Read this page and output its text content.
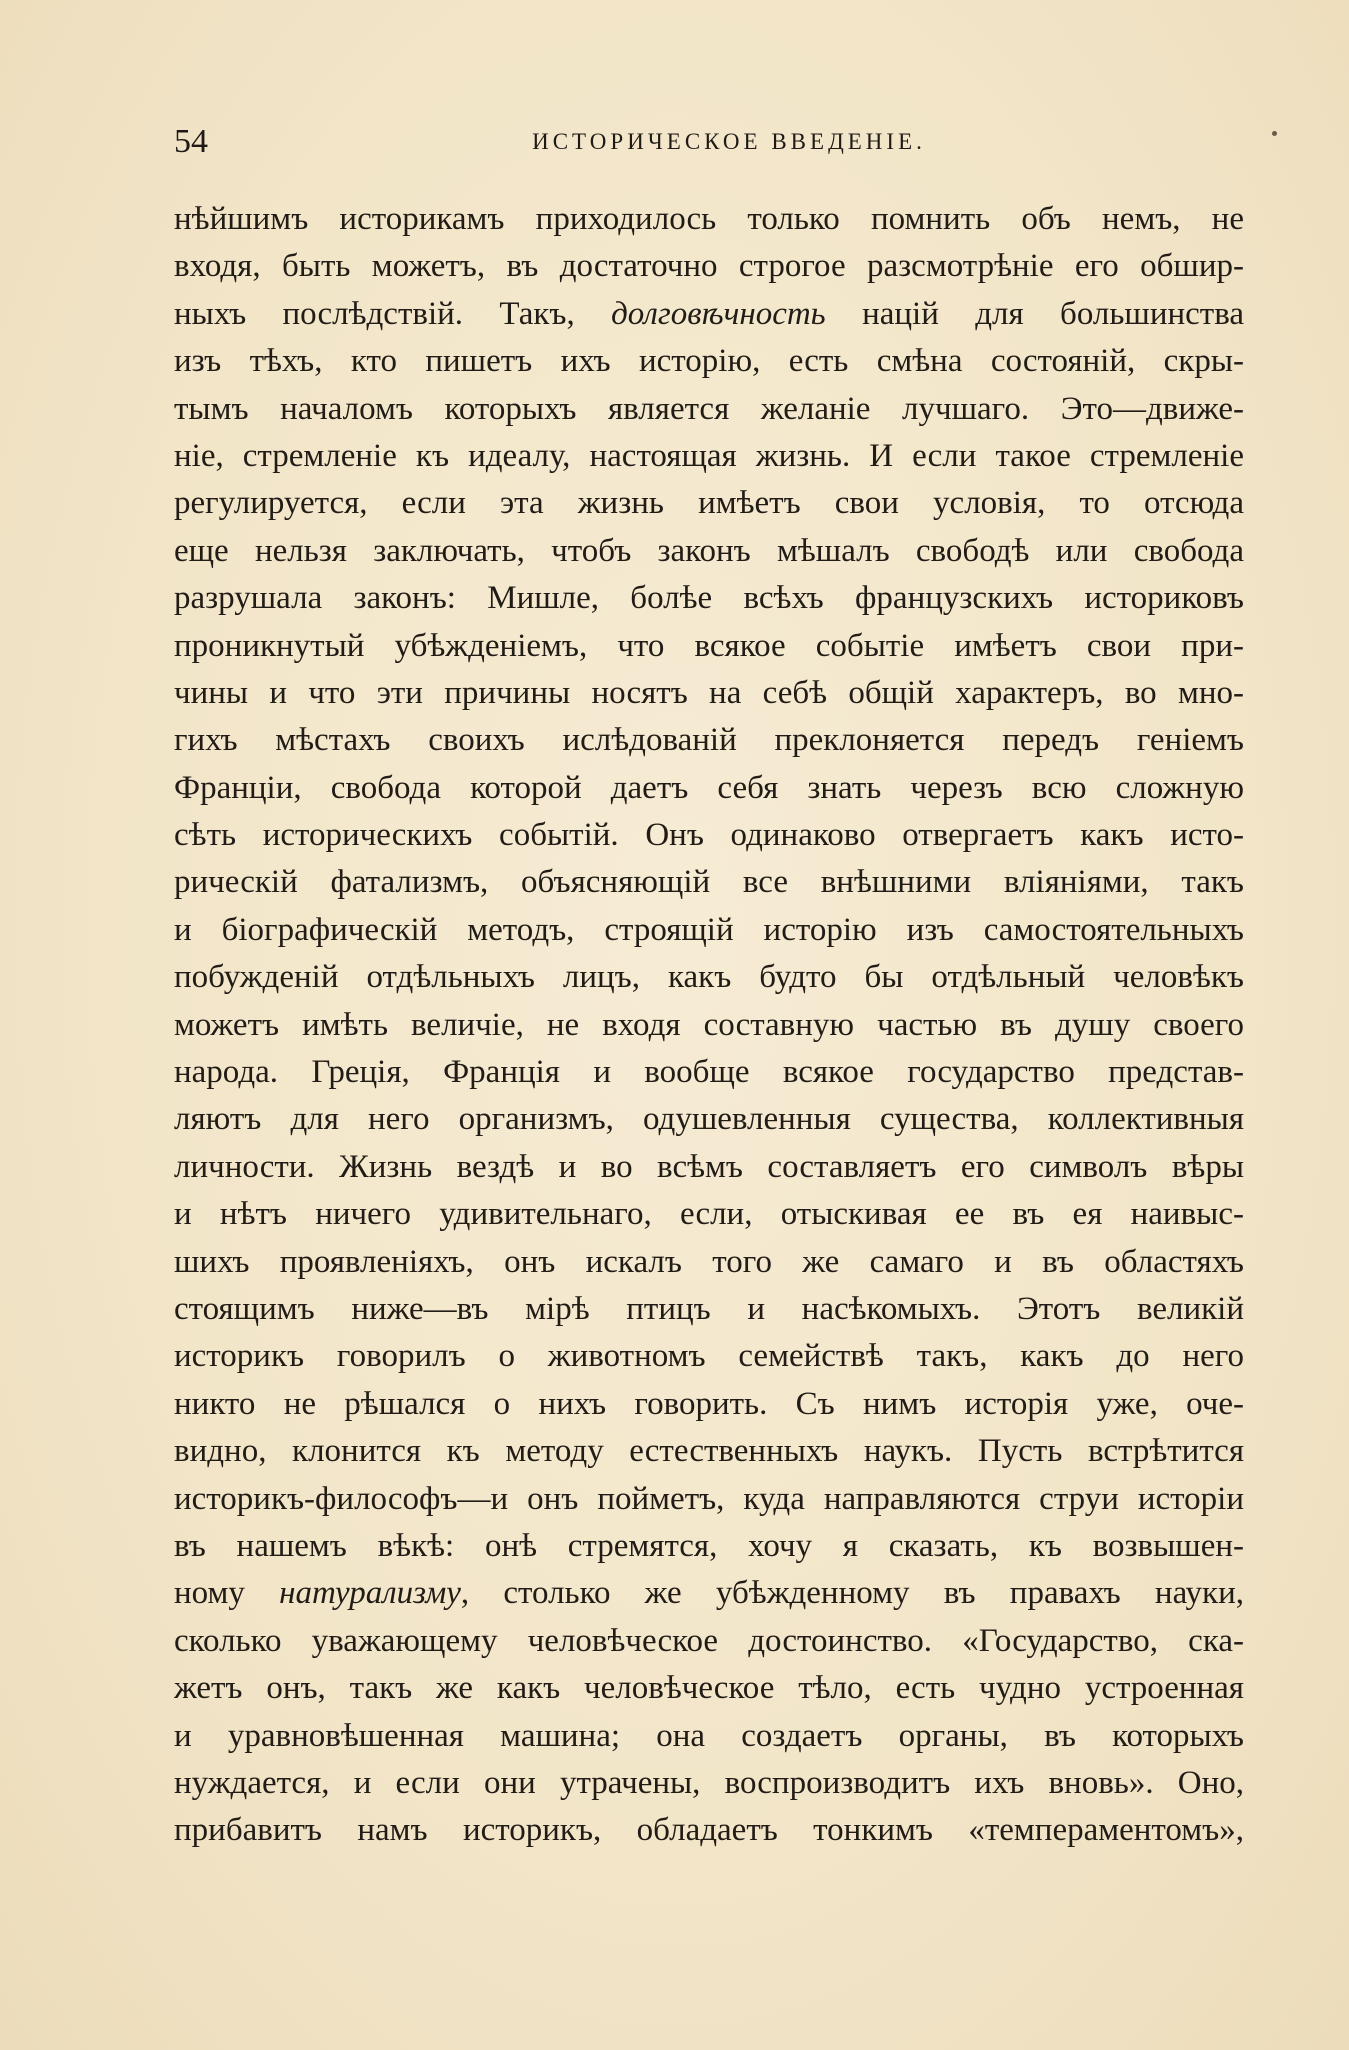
54	ИСТОРИЧЕСКОЕ ВВЕДЕНІЕ.
нѣйшимъ историкамъ приходилось только помнить объ немъ, не
входя, быть можетъ, въ достаточно строгое разсмотрѣніе его обшир-
ныхъ послѣдствій. Такъ, долговѣчность націй для большинства
изъ тѣхъ, кто пишетъ ихъ исторію, есть смѣна состояній, скры-
тымъ началомъ которыхъ является желаніе лучшаго. Это—движе-
ніе, стремленіе къ идеалу, настоящая жизнь. И если такое стремленіе
регулируется, если эта жизнь имѣетъ свои условія, то отсюда
еще нельзя заключать, чтобъ законъ мѣшалъ свободѣ или свобода
разрушала законъ: Мишле, болѣе всѣхъ французскихъ историковъ
проникнутый убѣжденіемъ, что всякое событіе имѣетъ свои при-
чины и что эти причины носятъ на себѣ общій характеръ, во мно-
гихъ мѣстахъ своихъ ислѣдованій преклоняется передъ геніемъ
Франціи, свобода которой даетъ себя знать черезъ всю сложную
сѣть историческихъ событій. Онъ одинаково отвергаетъ какъ исто-
рическій фатализмъ, объясняющій все внѣшними вліяніями, такъ
и біографическій методъ, строящій исторію изъ самостоятельныхъ
побужденій отдѣльныхъ лицъ, какъ будто бы отдѣльный человѣкъ
можетъ имѣть величіе, не входя составную частью въ душу своего
народа. Греція, Франція и вообще всякое государство представ-
ляютъ для него организмъ, одушевленныя существа, коллективныя
личности. Жизнь вездѣ и во всѣмъ составляетъ его символъ вѣры
и нѣтъ ничего удивительнаго, если, отыскивая ее въ ея наивыс-
шихъ проявленіяхъ, онъ искалъ того же самаго и въ областяхъ
стоящимъ ниже—въ мірѣ птицъ и насѣкомыхъ. Этотъ великій
историкъ говорилъ о животномъ семействѣ такъ, какъ до него
никто не рѣшался о нихъ говорить. Съ нимъ исторія уже, оче-
видно, клонится къ методу естественныхъ наукъ. Пусть встрѣтится
историкъ-философъ—и онъ пойметъ, куда направляются струи исторіи
въ нашемъ вѣкѣ: онѣ стремятся, хочу я сказать, къ возвышен-
ному натурализму, столько же убѣжденному въ правахъ науки,
сколько уважающему человѣческое достоинство. «Государство, ска-
жетъ онъ, такъ же какъ человѣческое тѣло, есть чудно устроенная
и уравновѣшенная машина; она создаетъ органы, въ которыхъ
нуждается, и если они утрачены, воспроизводитъ ихъ вновь». Оно,
прибавитъ намъ историкъ, обладаетъ тонкимъ «темпераментомъ»,
